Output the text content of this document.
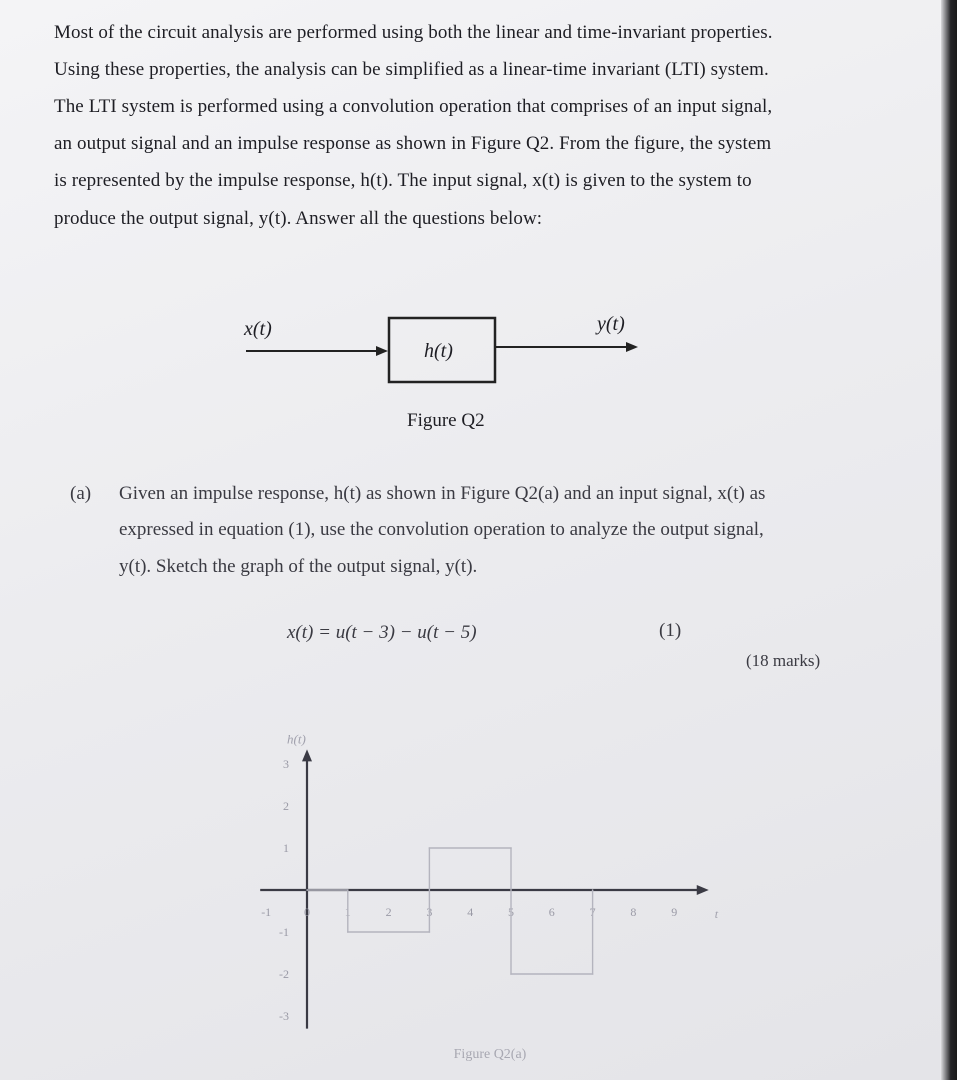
Most of the circuit analysis are performed using both the linear and time-invariant properties.
Using these properties, the analysis can be simplified as a linear-time invariant (LTI) system.
The LTI system is performed using a convolution operation that comprises of an input signal,
an output signal and an impulse response as shown in Figure Q2. From the figure, the system
is represented by the impulse response, h(t). The input signal, x(t) is given to the system to
produce the output signal, y(t). Answer all the questions below:
x(t)
h(t)
y(t)
Figure Q2
(a) Given an impulse response, h(t) as shown in Figure Q2(a) and an input signal, x(t) as
expressed in equation (1), use the convolution operation to analyze the output signal,
y(t). Sketch the graph of the output signal, y(t).
x(t) = u(t − 3) − u(t − 5)	(1)
(18 marks)
-1	0	1	2	3	4	5	6	7	8	9
3
2
1
-1
-2
-3
h(t)
t
Figure Q2(a)
